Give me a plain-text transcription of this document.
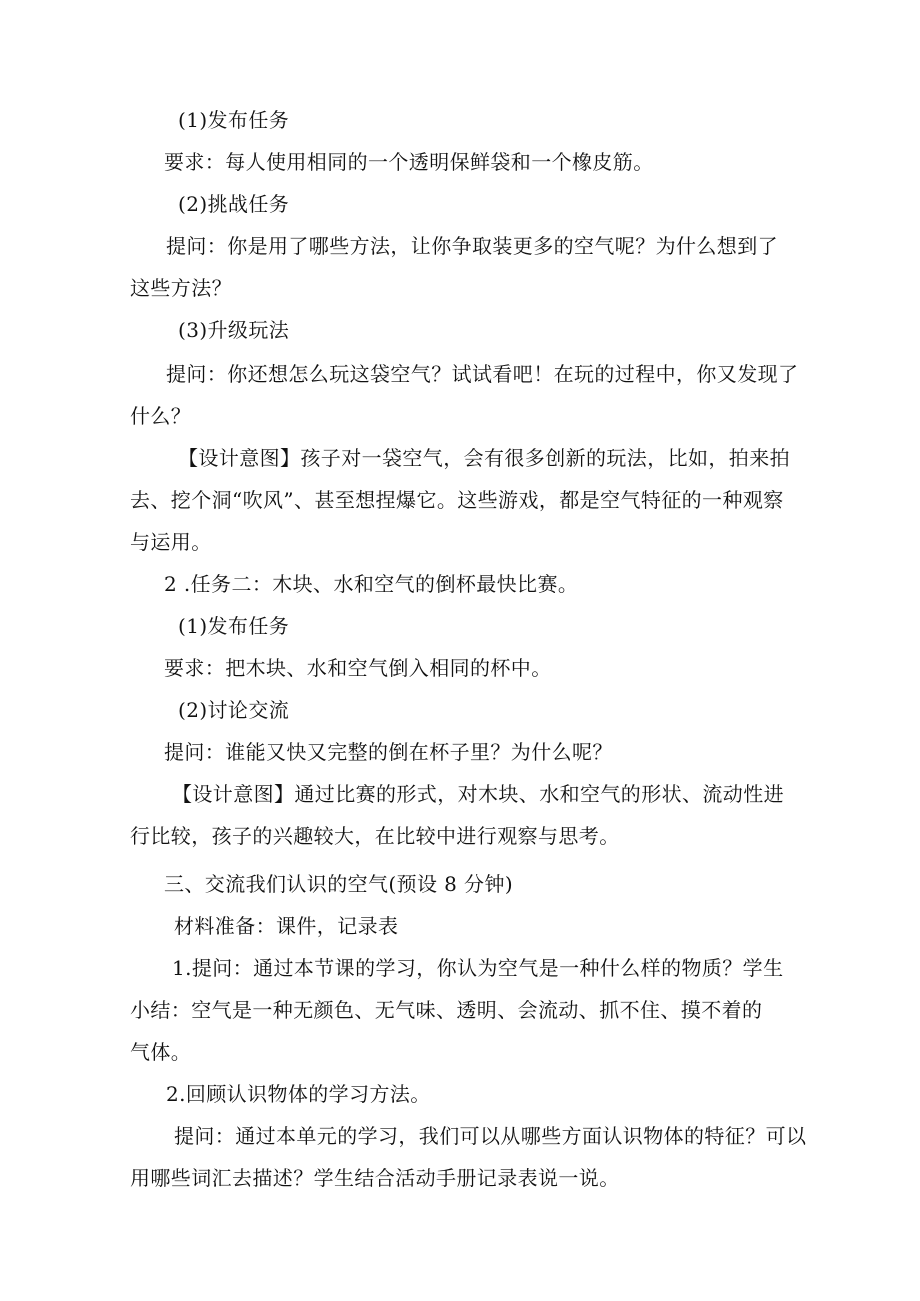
(1)发布任务
要求：每人使用相同的一个透明保鲜袋和一个橡皮筋。
(2)挑战任务
提问：你是用了哪些方法，让你争取装更多的空气呢？为什么想到了
这些方法？
(3)升级玩法
提问：你还想怎么玩这袋空气？试试看吧！在玩的过程中，你又发现了
什么？
【设计意图】孩子对一袋空气，会有很多创新的玩法，比如，拍来拍
去、挖个洞“吹风”、甚至想捏爆它。这些游戏，都是空气特征的一种观察
与运用。
2 .任务二：木块、水和空气的倒杯最快比赛。
(1)发布任务
要求：把木块、水和空气倒入相同的杯中。
(2)讨论交流
提问：谁能又快又完整的倒在杯子里？为什么呢？
【设计意图】通过比赛的形式，对木块、水和空气的形状、流动性进
行比较，孩子的兴趣较大，在比较中进行观察与思考。
三、交流我们认识的空气(预设 8 分钟)
材料准备：课件，记录表
1.提问：通过本节课的学习，你认为空气是一种什么样的物质？学生
小结：空气是一种无颜色、无气味、透明、会流动、抓不住、摸不着的
气体。
2.回顾认识物体的学习方法。
提问：通过本单元的学习，我们可以从哪些方面认识物体的特征？可以
用哪些词汇去描述？学生结合活动手册记录表说一说。
